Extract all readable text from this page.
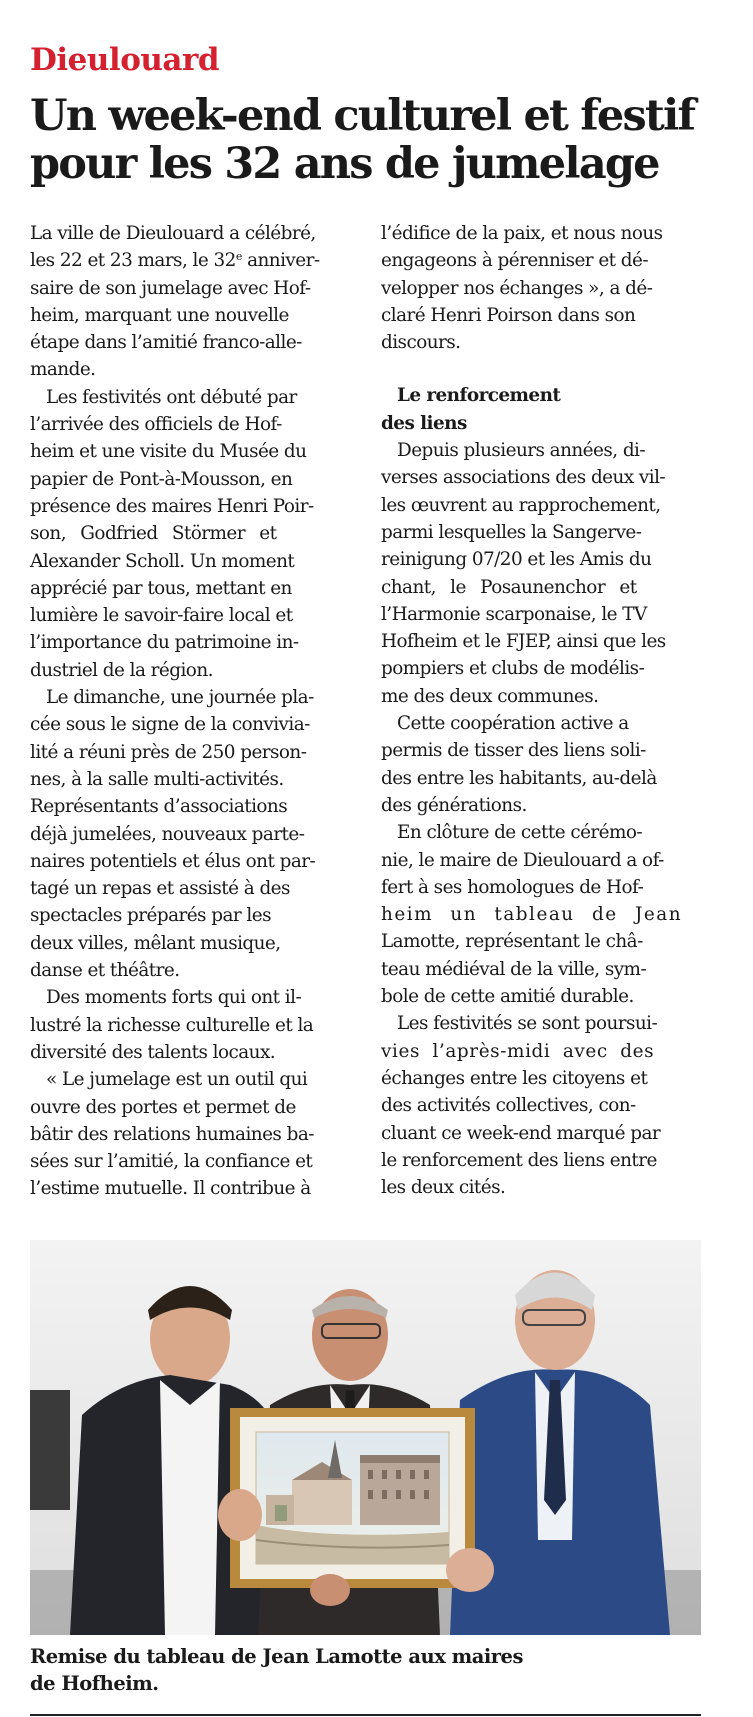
Dieulouard
Un week-end culturel et festif
pour les 32 ans de jumelage
La ville de Dieulouard a célébré,
les 22 et 23 mars, le 32e anniver-
saire de son jumelage avec Hof-
heim, marquant une nouvelle
étape dans l’amitié franco-alle-
mande.
Les festivités ont débuté par
l’arrivée des officiels de Hof-
heim et une visite du Musée du
papier de Pont-à-Mousson, en
présence des maires Henri Poir-
son, Godfried Störmer et
Alexander Scholl. Un moment
apprécié par tous, mettant en
lumière le savoir-faire local et
l’importance du patrimoine in-
dustriel de la région.
Le dimanche, une journée pla-
cée sous le signe de la convivia-
lité a réuni près de 250 person-
nes, à la salle multi-activités.
Représentants d’associations
déjà jumelées, nouveaux parte-
naires potentiels et élus ont par-
tagé un repas et assisté à des
spectacles préparés par les
deux villes, mêlant musique,
danse et théâtre.
Des moments forts qui ont il-
lustré la richesse culturelle et la
diversité des talents locaux.
« Le jumelage est un outil qui
ouvre des portes et permet de
bâtir des relations humaines ba-
sées sur l’amitié, la confiance et
l’estime mutuelle. Il contribue à
l’édifice de la paix, et nous nous
engageons à pérenniser et dé-
velopper nos échanges », a dé-
claré Henri Poirson dans son
discours.
Le renforcement
des liens
Depuis plusieurs années, di-
verses associations des deux vil-
les œuvrent au rapprochement,
parmi lesquelles la Sangerve-
reinigung 07/20 et les Amis du
chant, le Posaunenchor et
l’Harmonie scarponaise, le TV
Hofheim et le FJEP, ainsi que les
pompiers et clubs de modélis-
me des deux communes.
Cette coopération active a
permis de tisser des liens soli-
des entre les habitants, au-delà
des générations.
En clôture de cette cérémo-
nie, le maire de Dieulouard a of-
fert à ses homologues de Hof-
heim un tableau de Jean
Lamotte, représentant le châ-
teau médiéval de la ville, sym-
bole de cette amitié durable.
Les festivités se sont poursui-
vies l’après-midi avec des
échanges entre les citoyens et
des activités collectives, con-
cluant ce week-end marqué par
le renforcement des liens entre
les deux cités.
Remise du tableau de Jean Lamotte aux maires
de Hofheim.
